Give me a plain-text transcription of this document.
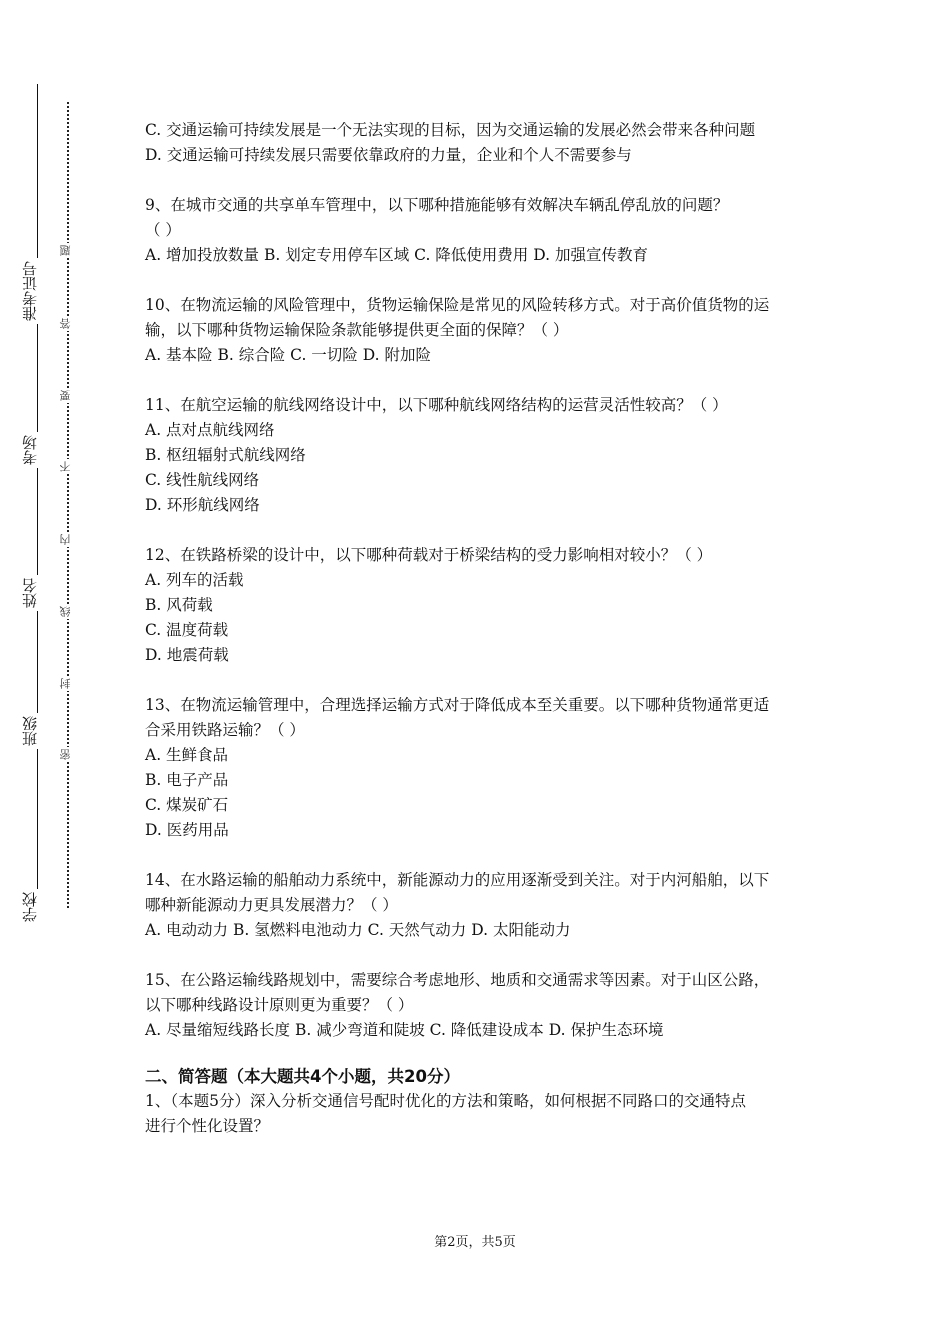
准考证号
考场
姓名
班级
学校
题
答
要
不
内
线
封
密

C. 交通运输可持续发展是一个无法实现的目标，因为交通运输的发展必然会带来各种问题

D. 交通运输可持续发展只需要依靠政府的力量，企业和个人不需要参与

9、在城市交通的共享单车管理中，以下哪种措施能够有效解决车辆乱停乱放的问题？

（ ）

A. 增加投放数量 B. 划定专用停车区域 C. 降低使用费用 D. 加强宣传教育

10、在物流运输的风险管理中，货物运输保险是常见的风险转移方式。对于高价值货物的运

输，以下哪种货物运输保险条款能够提供更全面的保障？（ ）

A. 基本险 B. 综合险 C. 一切险 D. 附加险

11、在航空运输的航线网络设计中，以下哪种航线网络结构的运营灵活性较高？（ ）

A. 点对点航线网络

B. 枢纽辐射式航线网络

C. 线性航线网络

D. 环形航线网络

12、在铁路桥梁的设计中，以下哪种荷载对于桥梁结构的受力影响相对较小？（ ）

A. 列车的活载

B. 风荷载

C. 温度荷载

D. 地震荷载

13、在物流运输管理中，合理选择运输方式对于降低成本至关重要。以下哪种货物通常更适

合采用铁路运输？（ ）

A. 生鲜食品

B. 电子产品

C. 煤炭矿石

D. 医药用品

14、在水路运输的船舶动力系统中，新能源动力的应用逐渐受到关注。对于内河船舶，以下

哪种新能源动力更具发展潜力？（ ）

A. 电动动力 B. 氢燃料电池动力 C. 天然气动力 D. 太阳能动力

15、在公路运输线路规划中，需要综合考虑地形、地质和交通需求等因素。对于山区公路，

以下哪种线路设计原则更为重要？（ ）

A. 尽量缩短线路长度 B. 减少弯道和陡坡 C. 降低建设成本 D. 保护生态环境

二、简答题（本大题共4个小题，共20分）

1、（本题5分）深入分析交通信号配时优化的方法和策略，如何根据不同路口的交通特点

进行个性化设置？

第2页，共5页
